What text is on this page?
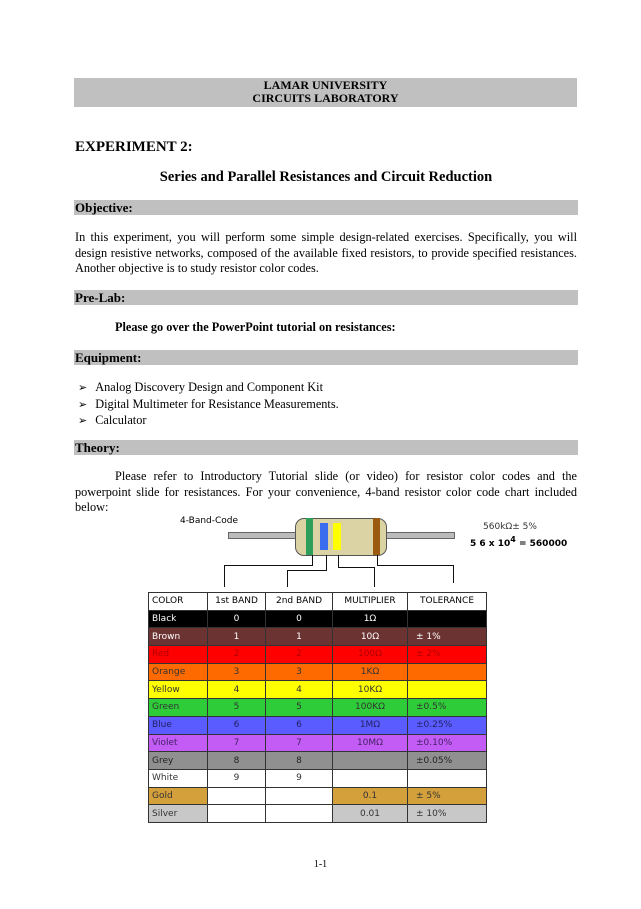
LAMAR UNIVERSITY
CIRCUITS LABORATORY
EXPERIMENT 2:
Series and Parallel Resistances and Circuit Reduction
Objective:
In this experiment, you will perform some simple design-related exercises. Specifically, you will design resistive networks, composed of the available fixed resistors, to provide specified resistances. Another objective is to study resistor color codes.
Pre-Lab:
Please go over the PowerPoint tutorial on resistances:
Equipment:
➢ Analog Discovery Design and Component Kit
➢ Digital Multimeter for Resistance Measurements.
➢ Calculator
Theory:
Please refer to Introductory Tutorial slide (or video) for resistor color codes and the powerpoint slide for resistances. For your convenience, 4-band resistor color code chart included below:
4-Band-Code
560kΩ± 5%
5 6 x $10^4 = 560000$
COLOR	1st BAND	2nd BAND	MULTIPLIER	TOLERANCE
Black	0	0	1Ω	
Brown	1	1	10Ω	± 1%
Red	2	2	100Ω	± 2%
Orange	3	3	1KΩ	
Yellow	4	4	10KΩ	
Green	5	5	100KΩ	±0.5%
Blue	6	6	1MΩ	±0.25%
Violet	7	7	10MΩ	±0.10%
Grey	8	8		±0.05%
White	9	9		
Gold			0.1	± 5%
Silver			0.01	± 10%
1-1
